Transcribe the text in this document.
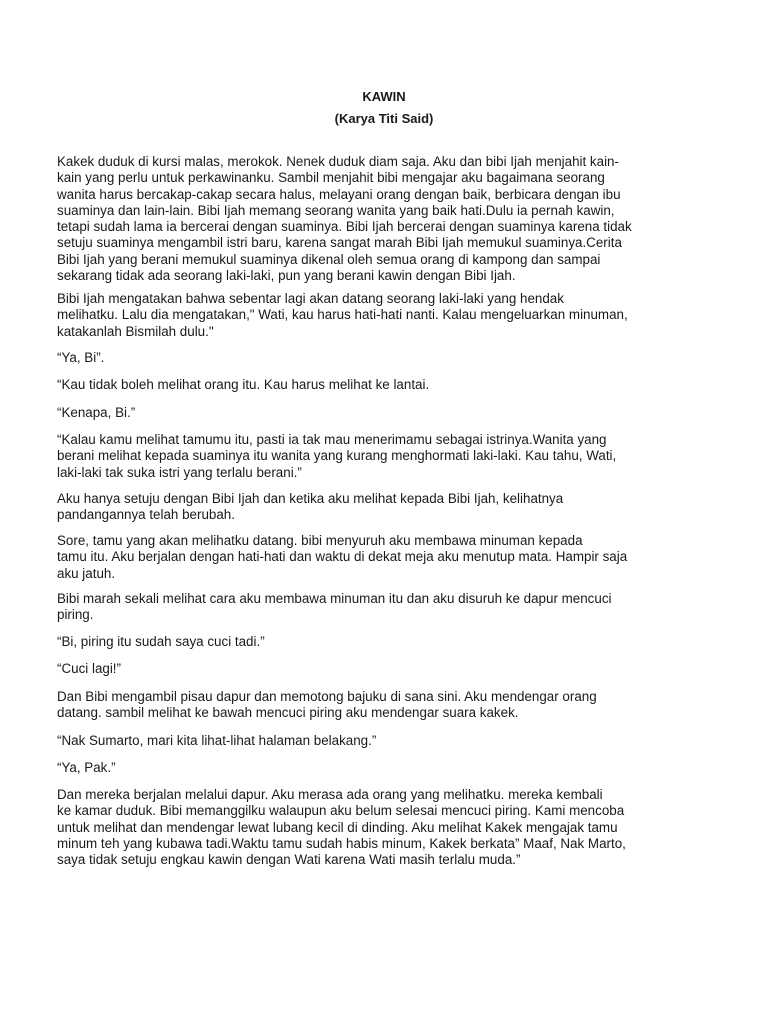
KAWIN
(Karya Titi Said)

Kakek duduk di kursi malas, merokok. Nenek duduk diam saja. Aku dan bibi Ijah menjahit kain-
kain yang perlu untuk perkawinanku. Sambil menjahit bibi mengajar aku bagaimana seorang
wanita harus bercakap-cakap secara halus, melayani orang dengan baik, berbicara dengan ibu
suaminya dan lain-lain. Bibi Ijah memang seorang wanita yang baik hati.Dulu ia pernah kawin,
tetapi sudah lama ia bercerai dengan suaminya. Bibi Ijah bercerai dengan suaminya karena tidak
setuju suaminya mengambil istri baru, karena sangat marah Bibi Ijah memukul suaminya.Cerita
Bibi Ijah yang berani memukul suaminya dikenal oleh semua orang di kampong dan sampai
sekarang tidak ada seorang laki-laki, pun yang berani kawin dengan Bibi Ijah.

Bibi Ijah mengatakan bahwa sebentar lagi akan datang seorang laki-laki yang hendak
melihatku. Lalu dia mengatakan," Wati, kau harus hati-hati nanti. Kalau mengeluarkan minuman,
katakanlah Bismilah dulu."

“Ya, Bi”.

“Kau tidak boleh melihat orang itu. Kau harus melihat ke lantai.

“Kenapa, Bi.”

“Kalau kamu melihat tamumu itu, pasti ia tak mau menerimamu sebagai istrinya.Wanita yang
berani melihat kepada suaminya itu wanita yang kurang menghormati laki-laki. Kau tahu, Wati,
laki-laki tak suka istri yang terlalu berani.”

Aku hanya setuju dengan Bibi Ijah dan ketika aku melihat kepada Bibi Ijah, kelihatnya
pandangannya telah berubah.

Sore, tamu yang akan melihatku datang. bibi menyuruh aku membawa minuman kepada
tamu itu. Aku berjalan dengan hati-hati dan waktu di dekat meja aku menutup mata. Hampir saja
aku jatuh.

Bibi marah sekali melihat cara aku membawa minuman itu dan aku disuruh ke dapur mencuci
piring.

“Bi, piring itu sudah saya cuci tadi.”

“Cuci lagi!”

Dan Bibi mengambil pisau dapur dan memotong bajuku di sana sini. Aku mendengar orang
datang. sambil melihat ke bawah mencuci piring aku mendengar suara kakek.

“Nak Sumarto, mari kita lihat-lihat halaman belakang.”

“Ya, Pak.”

Dan mereka berjalan melalui dapur. Aku merasa ada orang yang melihatku. mereka kembali
ke kamar duduk. Bibi memanggilku walaupun aku belum selesai mencuci piring. Kami mencoba
untuk melihat dan mendengar lewat lubang kecil di dinding. Aku melihat Kakek mengajak tamu
minum teh yang kubawa tadi.Waktu tamu sudah habis minum, Kakek berkata” Maaf, Nak Marto,
saya tidak setuju engkau kawin dengan Wati karena Wati masih terlalu muda.”
